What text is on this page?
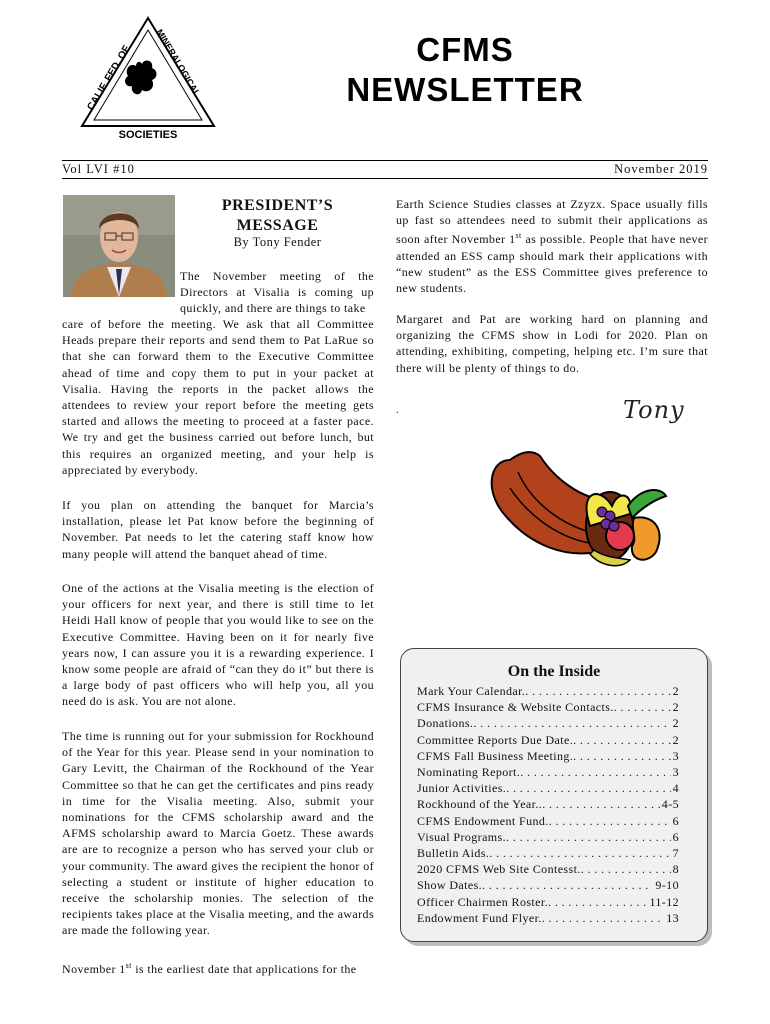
CALIF. FED. OF
MINERALOGICAL
SOCIETIES
CFMS
NEWSLETTER
Vol LVI #10	November 2019
PRESIDENT’S
MESSAGE
By Tony Fender

The November meeting of the Directors at Visalia is coming up quickly, and there are things to take

care of before the meeting. We ask that all Committee Heads prepare their reports and send them to Pat LaRue so that she can forward them to the Executive Committee ahead of time and copy them to put in your packet at Visalia. Having the reports in the packet allows the attendees to review your report before the meeting gets started and allows the meeting to proceed at a faster pace. We try and get the business carried out before lunch, but this requires an organized meeting, and your help is appreciated by everybody.

If you plan on attending the banquet for Marcia’s installation, please let Pat know before the beginning of November. Pat needs to let the catering staff know how many people will attend the banquet ahead of time.

One of the actions at the Visalia meeting is the election of your officers for next year, and there is still time to let Heidi Hall know of people that you would like to see on the Executive Committee. Having been on it for nearly five years now, I can assure you it is a rewarding experience. I know some people are afraid of “can they do it” but there is a large body of past officers who will help you, all you need do is ask. You are not alone.

The time is running out for your submission for Rockhound of the Year for this year. Please send in your nomination to Gary Levitt, the Chairman of the Rockhound of the Year Committee so that he can get the certificates and pins ready in time for the Visalia meeting. Also, submit your nominations for the CFMS scholarship award and the AFMS scholarship award to Marcia Goetz. These awards are are to recognize a person who has served your club or your community. The award gives the recipient the honor of selecting a student or institute of higher education to receive the scholarship monies. The selection of the recipients takes place at the Visalia meeting, and the awards are made the following year.

November 1st is the earliest date that applications for the

Earth Science Studies classes at Zzyzx. Space usually fills up fast so attendees need to submit their applications as soon after November 1st as possible. People that have never attended an ESS camp should mark their applications with “new student” as the ESS Committee gives preference to new students.

Margaret and Pat are working hard on planning and organizing the CFMS show in Lodi for 2020. Plan on attending, exhibiting, competing, helping etc. I’m sure that there will be plenty of things to do.

.	Tony
On the Inside
Mark Your Calendar. . . .	2
CFMS Insurance & Website Contacts. . . .	2
Donations. . . .	2
Committee Reports Due Date. . . .	2
CFMS Fall Business Meeting. . . .	3
Nominating Report. . . .	3
Junior Activities. . . .	4
Rockhound of the Year.. . . .	4-5
CFMS Endowment Fund. . . .	6
Visual Programs. . . .	6
Bulletin Aids. . . .	7
2020 CFMS Web Site Contesst. . . .	8
Show Dates. . . .	9-10
Officer Chairmen Roster. . . .	11-12
Endowment Fund Flyer. . . .	13
